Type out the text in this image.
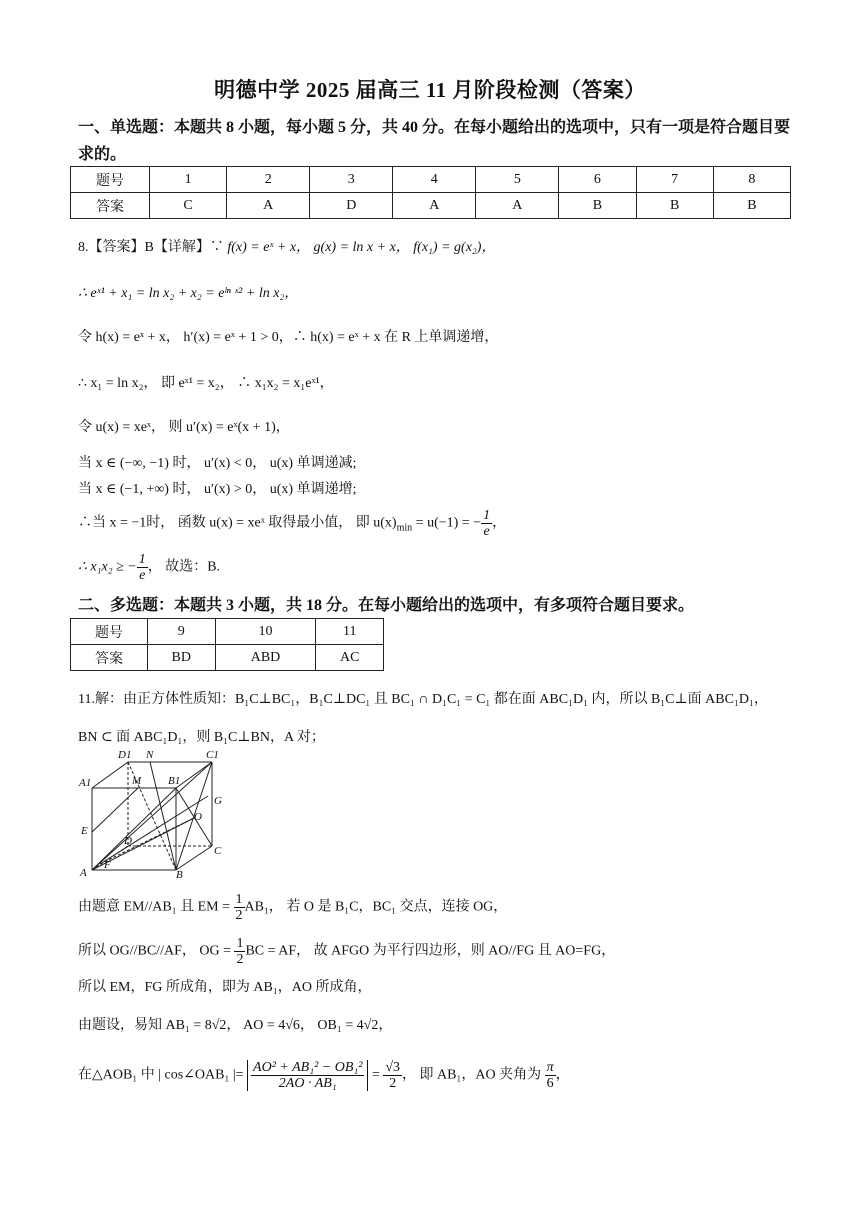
明德中学 2025 届高三 11 月阶段检测（答案）
一、单选题：本题共 8 小题，每小题 5 分，共 40 分。在每小题给出的选项中，只有一项是符合题目要求的。
题号	1	2	3	4	5	6	7	8
答案	C	A	D	A	A	B	B	B
8.【答案】B【详解】∵ f(x) = eˣ + x， g(x) = ln x + x， f(x₁) = g(x₂)，
∴ eˣ¹ + x₁ = ln x₂ + x₂ = eˡⁿ ˣ² + ln x₂，
令 h(x) = eˣ + x， h′(x) = eˣ + 1 > 0，∴ h(x) = eˣ + x 在 R 上单调递增，
∴ x₁ = ln x₂， 即 eˣ¹ = x₂， ∴ x₁x₂ = x₁eˣ¹，
令 u(x) = xeˣ， 则 u′(x) = eˣ(x + 1)，
当 x ∈ (−∞, −1) 时， u′(x) < 0， u(x) 单调递减;
当 x ∈ (−1, +∞) 时， u′(x) > 0， u(x) 单调递增;
∴当 x = −1时， 函数 u(x) = xeˣ 取得最小值， 即 $u(x)_{min} = u(-1)$ = − $\frac{1}{e}$ ，
∴ x₁x₂ ≥ − $\frac{1}{e}$ ， 故选：B.
二、多选题：本题共 3 小题，共 18 分。在每小题给出的选项中，有多项符合题目要求。
题号	9	10	11
答案	BD	ABD	AC
11.解：由正方体性质知：B₁C⊥BC₁，B₁C⊥DC₁ 且 BC₁ ∩ D₁C₁ = C₁ 都在面 ABC₁D₁ 内，所以 B₁C⊥面 ABC₁D₁，
BN ⊂ 面 ABC₁D₁，则 B₁C⊥BN，A 对；
D1 N	C1
A1	M B1
G
E
O
D
C
A
F
B
由题意 EM//AB₁ 且 EM = $\frac{1}{2} AB_1$， 若 O 是 B₁C，BC₁ 交点，连接 OG，
所以 OG//BC//AF， OG = $\frac{1}{2}$ BC = AF， 故 AFGO 为平行四边形，则 AO//FG 且 AO=FG，
所以 EM，FG 所成角，即为 AB₁，AO 所成角，
由题设，易知 AB₁ = 8√2， AO = 4√6， OB₁ = 4√2，
在△AOB₁ 中 | cos∠OAB₁ |= $\frac{\text{AO² + AB₁² − OB₁²}}{\text{2AO · AB₁}} = \frac{√3}{2}$ ， 即 AB₁，AO 夹角为 $\frac{\pi}{6}$ ，
